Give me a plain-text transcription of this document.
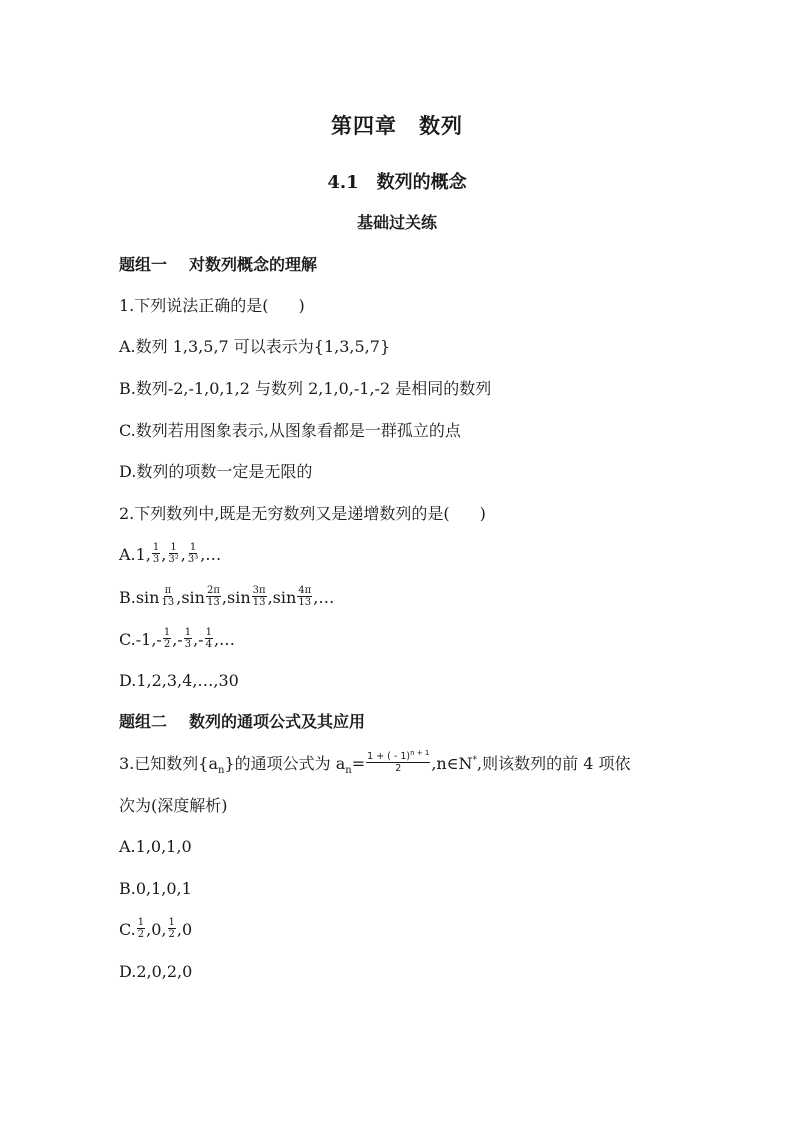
第四章　数列
4.1　数列的概念
基础过关练
题组一 对数列概念的理解
1.下列说法正确的是( )
A.数列 1,3,5,7 可以表示为{1,3,5,7}
B.数列-2,-1,0,1,2 与数列 2,1,0,-1,-2 是相同的数列
C.数列若用图象表示,从图象看都是一群孤立的点
D.数列的项数一定是无限的
2.下列数列中,既是无穷数列又是递增数列的是( )
A.1, $\frac{1}{3}$ , $\frac{1}{\text{3²}}$ , $\frac{1}{\text{3³}}$ ,…
$B.\sin \frac{\pi}{13} ,\sin \frac{2\pi}{13} ,\sin \frac{3\pi}{13} ,\sin \frac{4\pi}{13}$ ,…
$C.-1,- \frac{1}{2}$ ,- $\frac{1}{3}$ ,- $\frac{1}{4}$ ,…
D.1,2,3,4,…,30
题组二 数列的通项公式及其应用
3.已知数列$\{a_n\}$的通项公式为 $a_n= \frac{1 + ( - 1)^{n + 1}}{2}$ ,n∈N*,则该数列的前 4 项依
次为(深度解析)
A.1,0,1,0
B.0,1,0,1
C. $\frac{1}{2} ,0$, $\frac{1}{2} ,0$
D.2,0,2,0
